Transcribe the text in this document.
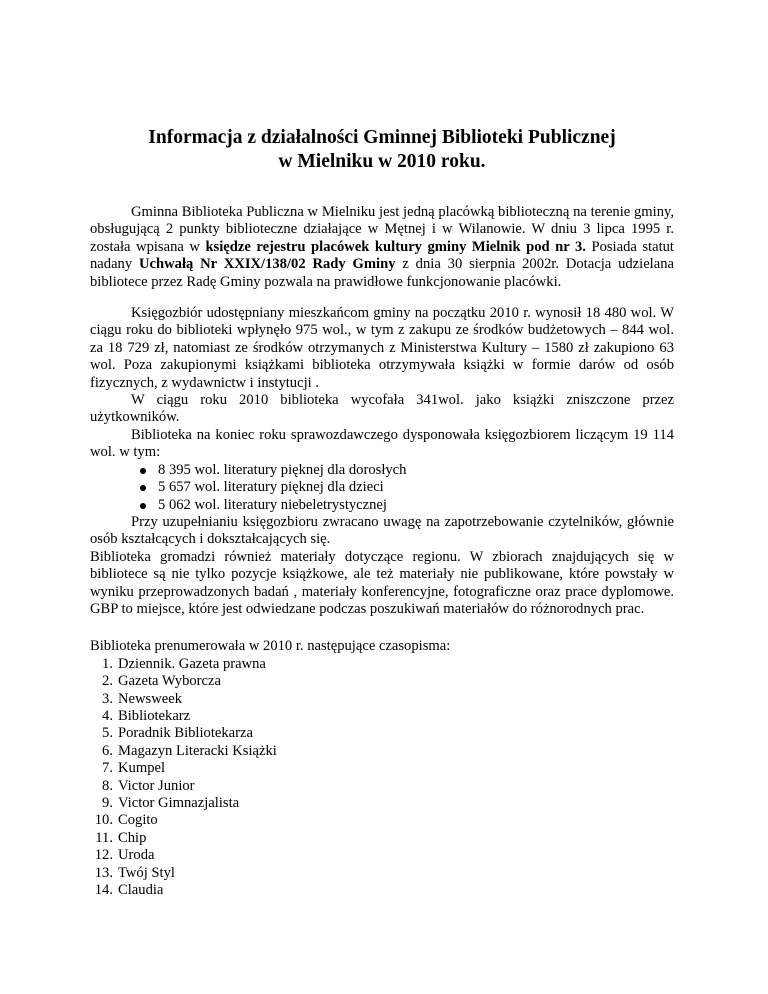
Informacja z działalności Gminnej Biblioteki Publicznej
w Mielniku w 2010 roku.

Gminna Biblioteka Publiczna w Mielniku jest jedną placówką biblioteczną na terenie gminy, obsługującą 2 punkty biblioteczne działające w Mętnej i w Wilanowie. W dniu 3 lipca 1995 r. została wpisana w księdze rejestru placówek kultury gminy Mielnik pod nr 3. Posiada statut nadany Uchwałą Nr XXIX/138/02 Rady Gminy z dnia 30 sierpnia 2002r. Dotacja udzielana bibliotece przez Radę Gminy pozwala na prawidłowe funkcjonowanie placówki.

Księgozbiór udostępniany mieszkańcom gminy na początku 2010 r. wynosił 18 480 wol. W ciągu roku do biblioteki wpłynęło 975 wol., w tym z zakupu ze środków budżetowych – 844 wol. za 18 729 zł, natomiast ze środków otrzymanych z Ministerstwa Kultury – 1580 zł zakupiono 63 wol. Poza zakupionymi książkami biblioteka otrzymywała książki w formie darów od osób fizycznych, z wydawnictw i instytucji .

W ciągu roku 2010 biblioteka wycofała 341wol. jako książki zniszczone przez użytkowników.

Biblioteka na koniec roku sprawozdawczego dysponowała księgozbiorem liczącym 19 114 wol. w tym:

8 395 wol. literatury pięknej dla dorosłych
5 657 wol. literatury pięknej dla dzieci
5 062 wol. literatury niebeletrystycznej

Przy uzupełnianiu księgozbioru zwracano uwagę na zapotrzebowanie czytelników, głównie osób kształcących i dokształcających się.

Biblioteka gromadzi również materiały dotyczące regionu. W zbiorach znajdujących się w bibliotece są nie tylko pozycje książkowe, ale też materiały nie publikowane, które powstały w wyniku przeprowadzonych badań , materiały konferencyjne, fotograficzne oraz prace dyplomowe. GBP to miejsce, które jest odwiedzane podczas poszukiwań materiałów do różnorodnych prac.

Biblioteka prenumerowała w 2010 r. następujące czasopisma:

1. Dziennik. Gazeta prawna
2. Gazeta Wyborcza
3. Newsweek
4. Bibliotekarz
5. Poradnik Bibliotekarza
6. Magazyn Literacki Książki
7. Kumpel
8. Victor Junior
9. Victor Gimnazjalista
10. Cogito
11. Chip
12. Uroda
13. Twój Styl
14. Claudia
